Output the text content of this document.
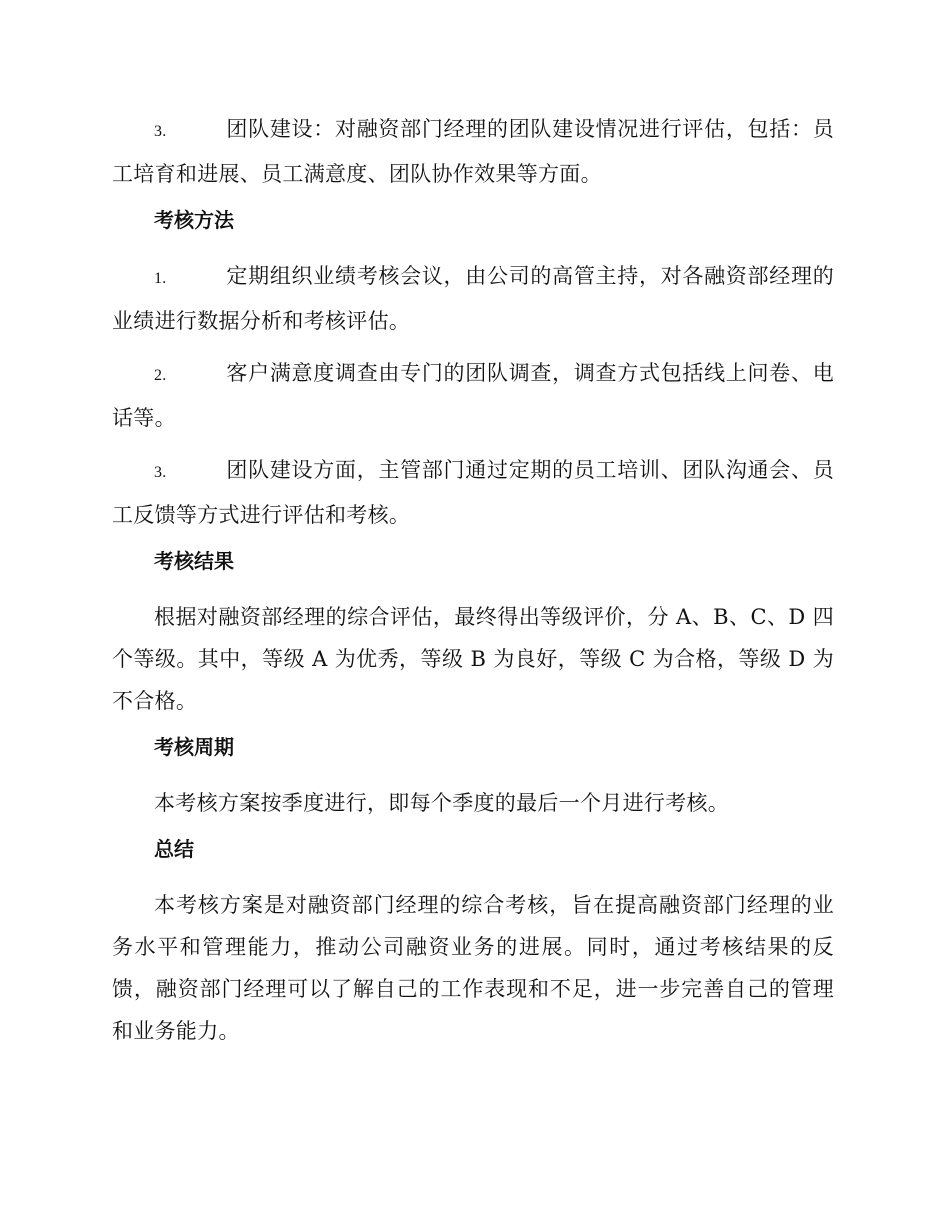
3.	团队建设：对融资部门经理的团队建设情况进行评估，包括：员工培育和进展、员工满意度、团队协作效果等方面。

考核方法

1.	定期组织业绩考核会议，由公司的高管主持，对各融资部经理的业绩进行数据分析和考核评估。

2.	客户满意度调查由专门的团队调查，调查方式包括线上问卷、电话等。

3.	团队建设方面，主管部门通过定期的员工培训、团队沟通会、员工反馈等方式进行评估和考核。

考核结果

根据对融资部经理的综合评估，最终得出等级评价，分 A、B、C、D 四个等级。其中，等级 A 为优秀，等级 B 为良好，等级 C 为合格，等级 D 为不合格。

考核周期

本考核方案按季度进行，即每个季度的最后一个月进行考核。

总结

本考核方案是对融资部门经理的综合考核，旨在提高融资部门经理的业务水平和管理能力，推动公司融资业务的进展。同时，通过考核结果的反馈，融资部门经理可以了解自己的工作表现和不足，进一步完善自己的管理和业务能力。
